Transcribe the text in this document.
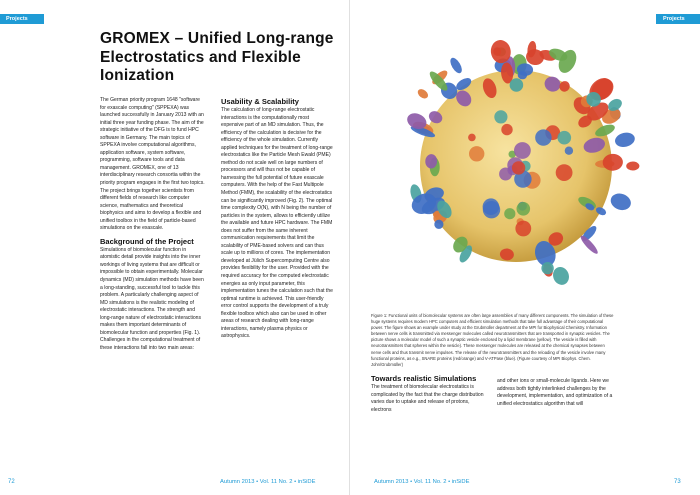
Projects
GROMEX – Unified Long-range Electrostatics and Flexible Ionization

The German priority program 1648 "software for exascale computing" (SPPEXA) was launched successfully in January 2013 with an initial three year funding phase. The aim of the strategic initiative of the DFG is to fund HPC software in Germany. The main topics of SPPEXA involve computational algorithms, application software, system software, programming, software tools and data management. GROMEX, one of 13 interdisciplinary research consortia within the priority program engages in the first two topics. The project brings together scientists from different fields of research like computer science, mathematics and theoretical biophysics and aims to develop a flexible and unified toolbox in the field of particle-based simulations on the exascale.

Background of the Project

Simulations of biomolecular function in atomistic detail provide insights into the inner workings of living systems that are difficult or impossible to obtain experimentally. Molecular dynamics (MD) simulation methods have been a long-standing, successful tool to tackle this problem. A particularly challenging aspect of MD simulations is the realistic modeling of electrostatic interactions. The strength and long-range nature of electrostatic interactions makes them important determinants of biomolecular function and properties (Fig. 1). Challenges in the computational treatment of these interactions fall into two main areas:

Usability & Scalability

The calculation of long-range electrostatic interactions is the computationally most expensive part of an MD simulation. Thus, the efficiency of the calculation is decisive for the efficiency of the whole simulation. Currently applied techniques for the treatment of long-range electrostatics like the Particle Mesh Ewald (PME) method do not scale well on large numbers of processors and will thus not be capable of harnessing the full potential of future exascale computers. With the help of the Fast Multipole Method (FMM), the scalability of the electrostatics can be significantly improved (Fig. 2). The optimal time complexity O(N), with N being the number of particles in the system, allows to efficiently utilize the available and future HPC hardware. The FMM does not suffer from the same inherent communication requirements that limit the scalability of PME-based solvers and can thus scale up to millions of cores. The implementation developed at Jülich Supercomputing Centre also provides flexibility for the user. Provided with the required accuracy for the computed electrostatic energies as only input parameter, this implementation tunes the calculation such that the optimal runtime is achieved. This user-friendly error control supports the development of a truly flexible toolbox which also can be used in other areas of research dealing with long-range interactions, namely plasma physics or astrophysics.

72	Autumn 2013 • Vol. 11 No. 2 • inSiDE
Projects
Autumn 2013 • Vol. 11 No. 2 • inSiDE	73
Figure 1: Functional units of biomolecular systems are often large assemblies of many different components. The simulation of these huge systems requires modern HPC computers and efficient simulation methods that take full advantage of their computational power. The figure shows an example under study at the Grubmüller department at the MPI for Biophysical Chemistry. Information between nerve cells is transmitted via messenger molecules called neurotransmitters that are transported in synaptic vesicles. The picture shows a molecular model of such a synaptic vesicle enclosed by a lipid membrane (yellow). The vesicle is filled with neurotransmitters that spheres within the vesicle). These messenger molecules are released at the chemical synapses between nerve cells and thus transmit nerve impulses. The release of the neurotransmitters and the reloading of the vesicle involve many functional proteins, as e.g., SNARE proteins (red/orange) and V-ATPase (blue). (Figure courtesy of MPI Biophys. Chem. John/Grubmüller)
Towards realistic Simulations

The treatment of biomolecular electrostatics is complicated by the fact that the charge distribution varies due to uptake and release of protons, electrons

and other ions or small-molecule ligands. Here we address both tightly interlinked challenges by the development, implementation, and optimization of a unified electrostatics algorithm that will
